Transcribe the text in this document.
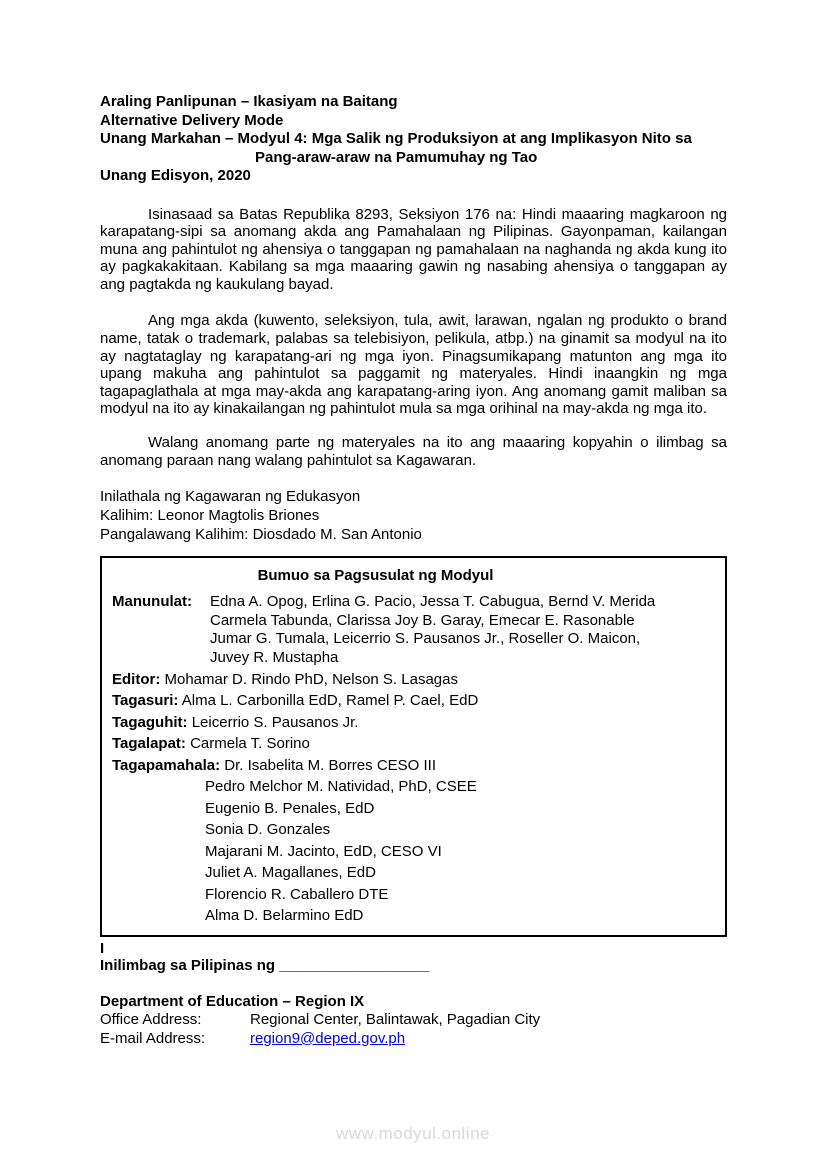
Araling Panlipunan – Ikasiyam na Baitang
Alternative Delivery Mode
Unang Markahan – Modyul 4: Mga Salik ng Produksiyon at ang Implikasyon Nito sa
Pang-araw-araw na Pamumuhay ng Tao
Unang Edisyon, 2020

Isinasaad sa Batas Republika 8293, Seksiyon 176 na: Hindi maaaring magkaroon ng karapatang-sipi sa anomang akda ang Pamahalaan ng Pilipinas. Gayonpaman, kailangan muna ang pahintulot ng ahensiya o tanggapan ng pamahalaan na naghanda ng akda kung ito ay pagkakakitaan. Kabilang sa mga maaaring gawin ng nasabing ahensiya o tanggapan ay ang pagtakda ng kaukulang bayad.

Ang mga akda (kuwento, seleksiyon, tula, awit, larawan, ngalan ng produkto o brand name, tatak o trademark, palabas sa telebisiyon, pelikula, atbp.) na ginamit sa modyul na ito ay nagtataglay ng karapatang-ari ng mga iyon. Pinagsumikapang matunton ang mga ito upang makuha ang pahintulot sa paggamit ng materyales. Hindi inaangkin ng mga tagapaglathala at mga may-akda ang karapatang-aring iyon. Ang anomang gamit maliban sa modyul na ito ay kinakailangan ng pahintulot mula sa mga orihinal na may-akda ng mga ito.

Walang anomang parte ng materyales na ito ang maaaring kopyahin o ilimbag sa anomang paraan nang walang pahintulot sa Kagawaran.

Inilathala ng Kagawaran ng Edukasyon
Kalihim: Leonor Magtolis Briones
Pangalawang Kalihim: Diosdado M. San Antonio
Bumuo sa Pagsusulat ng Modyul
Manunulat:	Edna A. Opog, Erlina G. Pacio, Jessa T. Cabugua, Bernd V. Merida
Carmela Tabunda, Clarissa Joy B. Garay, Emecar E. Rasonable
Jumar G. Tumala, Leicerrio S. Pausanos Jr., Roseller O. Maicon,
Juvey R. Mustapha
Editor: Mohamar D. Rindo PhD, Nelson S. Lasagas
Tagasuri: Alma L. Carbonilla EdD, Ramel P. Cael, EdD
Tagaguhit: Leicerrio S. Pausanos Jr.
Tagalapat: Carmela T. Sorino
Tagapamahala: Dr. Isabelita M. Borres CESO III
Pedro Melchor M. Natividad, PhD, CSEE
Eugenio B. Penales, EdD
Sonia D. Gonzales
Majarani M. Jacinto, EdD, CESO VI
Juliet A. Magallanes, EdD
Florencio R. Caballero DTE
Alma D. Belarmino EdD
I
Inilimbag sa Pilipinas ng __________________
Department of Education – Region IX
Office Address:	Regional Center, Balintawak, Pagadian City
E-mail Address:	region9@deped.gov.ph
www.modyul.online
